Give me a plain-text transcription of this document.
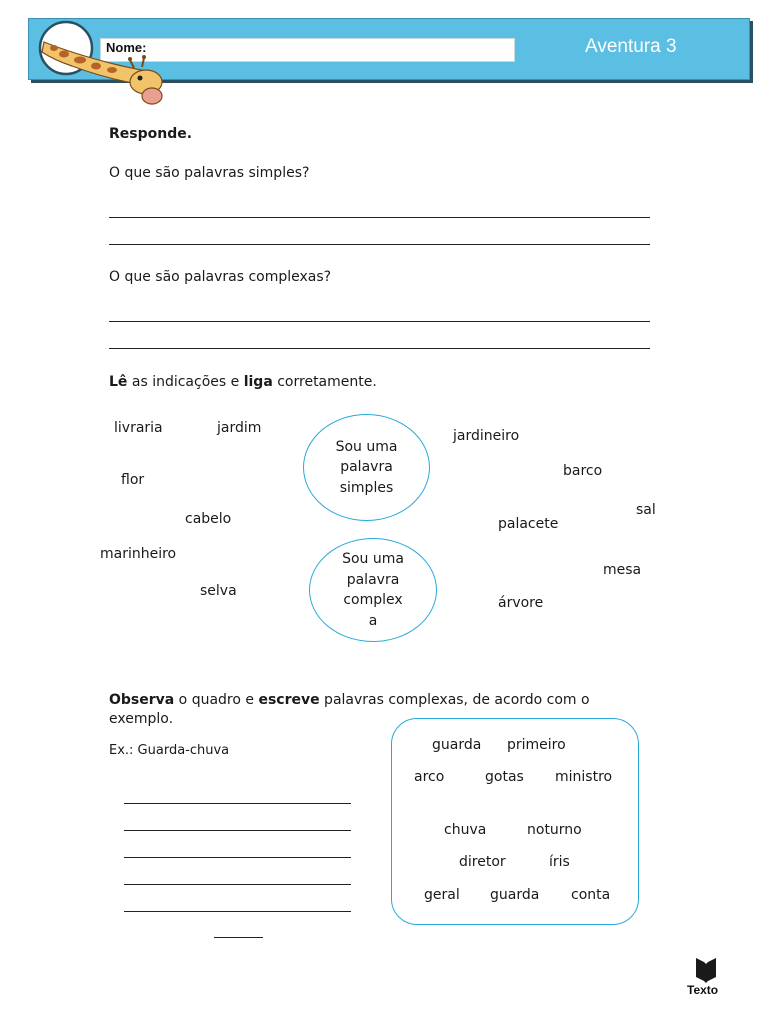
Nome:	Aventura 3
Responde.
O que são palavras simples?
O que são palavras complexas?
Lê as indicações e liga corretamente.
Sou uma
palavra
simples
Sou uma
palavra
complex
a
livraria	jardim
flor
cabelo
marinheiro
selva
jardineiro
barco
sal
palacete
mesa
árvore
Observa o quadro e escreve palavras complexas, de acordo com o
exemplo.
Ex.: Guarda-chuva	guarda primeiro
arco	gotas ministro
chuva	noturno
diretor	íris
geral guarda conta
Texto
